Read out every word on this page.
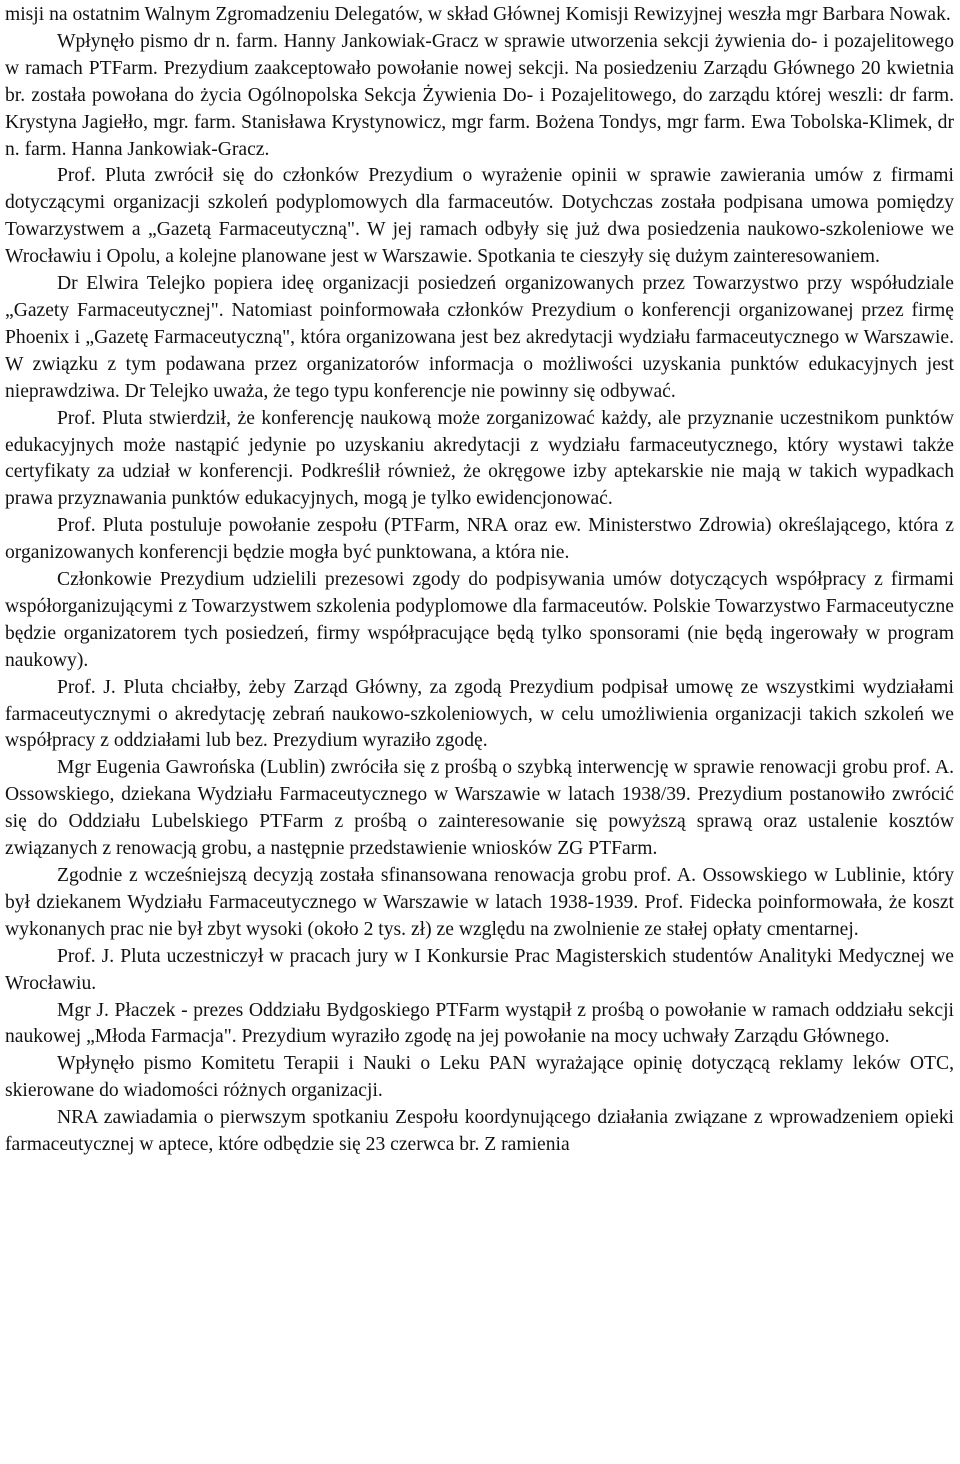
misji na ostatnim Walnym Zgromadzeniu Delegatów, w skład Głównej Komisji Rewizyjnej weszła mgr Barbara Nowak.

Wpłynęło pismo dr n. farm. Hanny Jankowiak-Gracz w sprawie utworzenia sekcji żywienia do- i pozajelitowego w ramach PTFarm. Prezydium zaakceptowało powołanie nowej sekcji. Na posiedzeniu Zarządu Głównego 20 kwietnia br. została powołana do życia Ogólnopolska Sekcja Żywienia Do- i Pozajelitowego, do zarządu której weszli: dr farm. Krystyna Jagiełło, mgr. farm. Stanisława Krystynowicz, mgr farm. Bożena Tondys, mgr farm. Ewa Tobolska-Klimek, dr n. farm. Hanna Jankowiak-Gracz.

Prof. Pluta zwrócił się do członków Prezydium o wyrażenie opinii w sprawie zawierania umów z firmami dotyczącymi organizacji szkoleń podyplomowych dla farmaceutów. Dotychczas została podpisana umowa pomiędzy Towarzystwem a „Gazetą Farmaceutyczną". W jej ramach odbyły się już dwa posiedzenia naukowo-szkoleniowe we Wrocławiu i Opolu, a kolejne planowane jest w Warszawie. Spotkania te cieszyły się dużym zainteresowaniem.

Dr Elwira Telejko popiera ideę organizacji posiedzeń organizowanych przez Towarzystwo przy współudziale „Gazety Farmaceutycznej". Natomiast poinformowała członków Prezydium o konferencji organizowanej przez firmę Phoenix i „Gazetę Farmaceutyczną", która organizowana jest bez akredytacji wydziału farmaceutycznego w Warszawie. W związku z tym podawana przez organizatorów informacja o możliwości uzyskania punktów edukacyjnych jest nieprawdziwa. Dr Telejko uważa, że tego typu konferencje nie powinny się odbywać.

Prof. Pluta stwierdził, że konferencję naukową może zorganizować każdy, ale przyznanie uczestnikom punktów edukacyjnych może nastąpić jedynie po uzyskaniu akredytacji z wydziału farmaceutycznego, który wystawi także certyfikaty za udział w konferencji. Podkreślił również, że okręgowe izby aptekarskie nie mają w takich wypadkach prawa przyznawania punktów edukacyjnych, mogą je tylko ewidencjonować.

Prof. Pluta postuluje powołanie zespołu (PTFarm, NRA oraz ew. Ministerstwo Zdrowia) określającego, która z organizowanych konferencji będzie mogła być punktowana, a która nie.

Członkowie Prezydium udzielili prezesowi zgody do podpisywania umów dotyczących współpracy z firmami współorganizującymi z Towarzystwem szkolenia podyplomowe dla farmaceutów. Polskie Towarzystwo Farmaceutyczne będzie organizatorem tych posiedzeń, firmy współpracujące będą tylko sponsorami (nie będą ingerowały w program naukowy).

Prof. J. Pluta chciałby, żeby Zarząd Główny, za zgodą Prezydium podpisał umowę ze wszystkimi wydziałami farmaceutycznymi o akredytację zebrań naukowo-szkoleniowych, w celu umożliwienia organizacji takich szkoleń we współpracy z oddziałami lub bez. Prezydium wyraziło zgodę.

Mgr Eugenia Gawrońska (Lublin) zwróciła się z prośbą o szybką interwencję w sprawie renowacji grobu prof. A. Ossowskiego, dziekana Wydziału Farmaceutycznego w Warszawie w latach 1938/39. Prezydium postanowiło zwrócić się do Oddziału Lubelskiego PTFarm z prośbą o zainteresowanie się powyższą sprawą oraz ustalenie kosztów związanych z renowacją grobu, a następnie przedstawienie wniosków ZG PTFarm.

Zgodnie z wcześniejszą decyzją została sfinansowana renowacja grobu prof. A. Ossowskiego w Lublinie, który był dziekanem Wydziału Farmaceutycznego w Warszawie w latach 1938-1939. Prof. Fidecka poinformowała, że koszt wykonanych prac nie był zbyt wysoki (około 2 tys. zł) ze względu na zwolnienie ze stałej opłaty cmentarnej.

Prof. J. Pluta uczestniczył w pracach jury w I Konkursie Prac Magisterskich studentów Analityki Medycznej we Wrocławiu.

Mgr J. Płaczek - prezes Oddziału Bydgoskiego PTFarm wystąpił z prośbą o powołanie w ramach oddziału sekcji naukowej „Młoda Farmacja". Prezydium wyraziło zgodę na jej powołanie na mocy uchwały Zarządu Głównego.

Wpłynęło pismo Komitetu Terapii i Nauki o Leku PAN wyrażające opinię dotyczącą reklamy leków OTC, skierowane do wiadomości różnych organizacji.

NRA zawiadamia o pierwszym spotkaniu Zespołu koordynującego działania związane z wprowadzeniem opieki farmaceutycznej w aptece, które odbędzie się 23 czerwca br. Z ramienia
